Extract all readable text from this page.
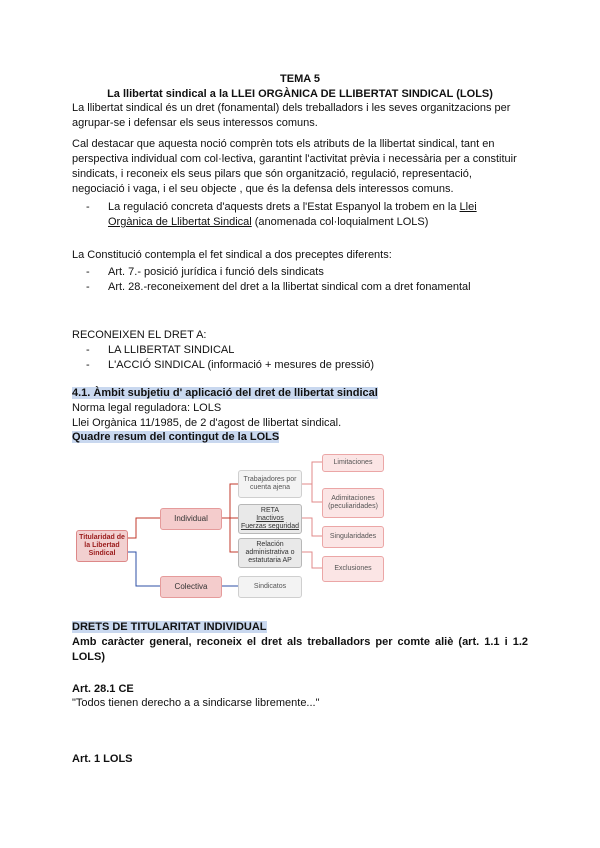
TEMA 5
La llibertat sindical a la LLEI ORGÀNICA DE LLIBERTAT SINDICAL (LOLS)
La llibertat sindical és un dret (fonamental) dels treballadors i les seves organitzacions per
agrupar-se i defensar els seus interessos comuns.
Cal destacar que aquesta noció comprèn tots els atributs de la llibertat sindical, tant en
perspectiva individual com col·lectiva, garantint l'activitat prèvia i necessària per a constituir
sindicats, i reconeix els seus pilars que són organització, regulació, representació,
negociació i vaga, i el seu objecte , que és la defensa dels interessos comuns.
- La regulació concreta d'aquests drets a l'Estat Espanyol la trobem en la Llei
Orgànica de Llibertat Sindical (anomenada col·loquialment LOLS)
La Constitució contempla el fet sindical a dos preceptes diferents:
- Art. 7.- posició jurídica i funció dels sindicats
- Art. 28.-reconeixement del dret a la llibertat sindical com a dret fonamental
RECONEIXEN EL DRET A:
- LA LLIBERTAT SINDICAL
- L'ACCIÓ SINDICAL (informació + mesures de pressió)
4.1. Àmbit subjetiu d' aplicació del dret de llibertat sindical
Norma legal reguladora: LOLS
Llei Orgànica 11/1985, de 2 d'agost de llibertat sindical.
Quadre resum del contingut de la LOLS
Titularidad de la Libertad Sindical
Individual
Colectiva
Trabajadores por cuenta ajena
RETA
Inactivos
Fuerzas seguridad
Relación administrativa o estatutaria AP
Sindicatos
Limitaciones
Adimitaciones (peculiaridades)
Singularidades
Exclusiones
DRETS DE TITULARITAT INDIVIDUAL
Amb caràcter general, reconeix el dret als treballadors per comte aliè (art. 1.1 i 1.2
LOLS)
Art. 28.1 CE
"Todos tienen derecho a a sindicarse libremente..."
Art. 1 LOLS
